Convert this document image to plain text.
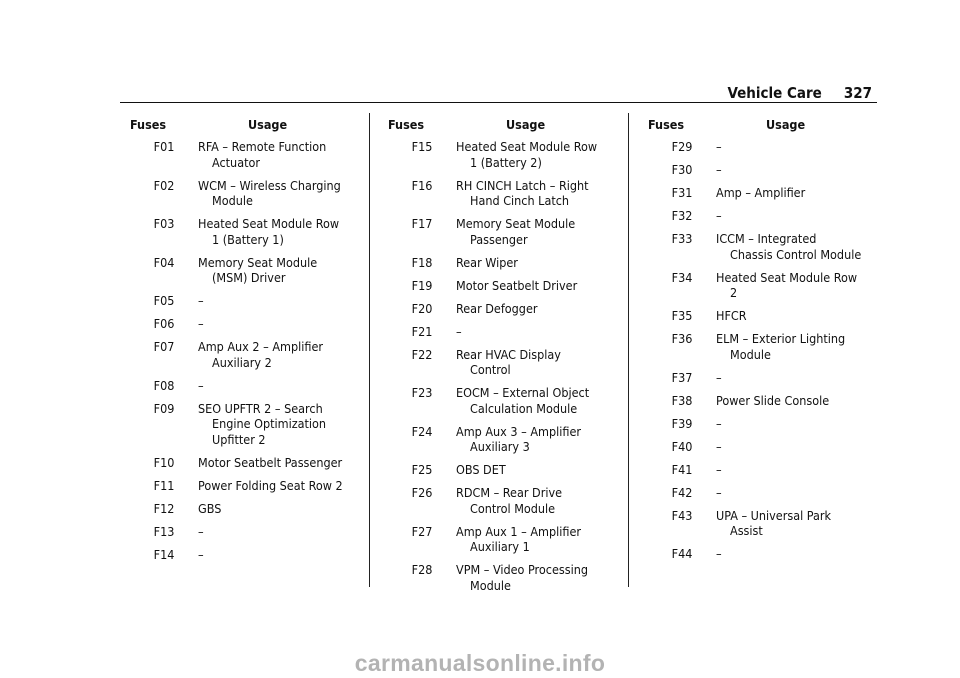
Vehicle Care 327
Fuses	Usage
F01	RFA – Remote Function Actuator
F02	WCM – Wireless Charging Module
F03	Heated Seat Module Row 1 (Battery 1)
F04	Memory Seat Module (MSM) Driver
F05	–
F06	–
F07	Amp Aux 2 – Amplifier Auxiliary 2
F08	–
F09	SEO UPFTR 2 – Search Engine Optimization Upfitter 2
F10	Motor Seatbelt Passenger
F11	Power Folding Seat Row 2
F12	GBS
F13	–
F14	–
Fuses	Usage
F15	Heated Seat Module Row 1 (Battery 2)
F16	RH CINCH Latch – Right Hand Cinch Latch
F17	Memory Seat Module Passenger
F18	Rear Wiper
F19	Motor Seatbelt Driver
F20	Rear Defogger
F21	–
F22	Rear HVAC Display Control
F23	EOCM – External Object Calculation Module
F24	Amp Aux 3 – Amplifier Auxiliary 3
F25	OBS DET
F26	RDCM – Rear Drive Control Module
F27	Amp Aux 1 – Amplifier Auxiliary 1
F28	VPM – Video Processing Module
Fuses	Usage
F29	–
F30	–
F31	Amp – Amplifier
F32	–
F33	ICCM – Integrated Chassis Control Module
F34	Heated Seat Module Row 2
F35	HFCR
F36	ELM – Exterior Lighting Module
F37	–
F38	Power Slide Console
F39	–
F40	–
F41	–
F42	–
F43	UPA – Universal Park Assist
F44	–
carmanualsonline.info
